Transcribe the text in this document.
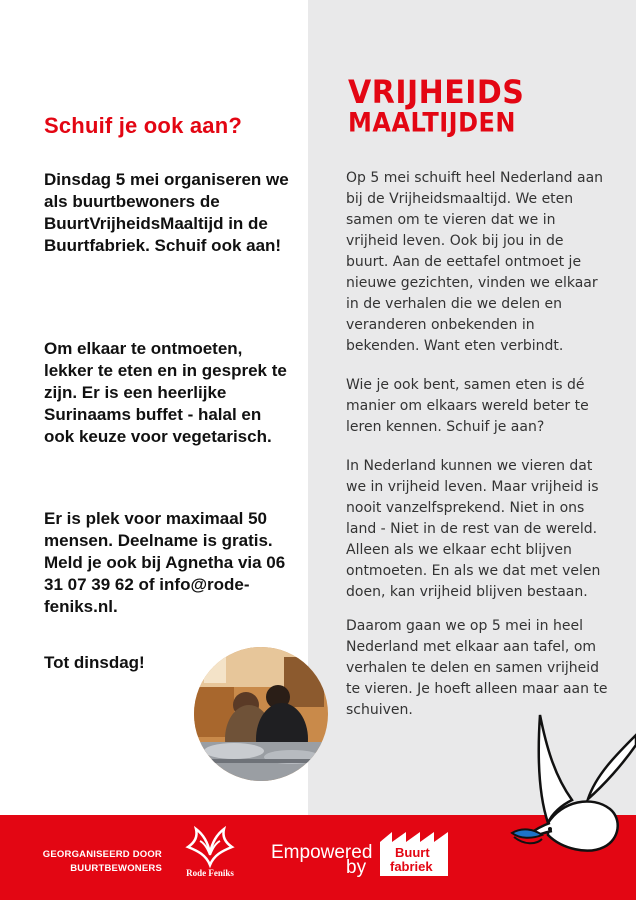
Schuif je ook aan?
Dinsdag 5 mei organiseren we als buurtbewoners de BuurtVrijheidsMaaltijd in de Buurtfabriek. Schuif ook aan!
Om elkaar te ontmoeten, lekker te eten en in gesprek te zijn. Er is een heerlijke Surinaams buffet - halal en ook keuze voor vegetarisch.
Er is plek voor maximaal 50 mensen. Deelname is gratis. Meld je ook bij Agnetha via 06 31 07 39 62 of info@rode-feniks.nl.
Tot dinsdag!
VRIJHEIDS
MAALTIJDEN
Op 5 mei schuift heel Nederland aan bij de Vrijheidsmaaltijd. We eten samen om te vieren dat we in vrijheid leven. Ook bij jou in de buurt. Aan de eettafel ontmoet je nieuwe gezichten, vinden we elkaar in de verhalen die we delen en veranderen onbekenden in bekenden. Want eten verbindt.
Wie je ook bent, samen eten is dé manier om elkaars wereld beter te leren kennen. Schuif je aan?
In Nederland kunnen we vieren dat we in vrijheid leven. Maar vrijheid is nooit vanzelfsprekend. Niet in ons land - Niet in de rest van de wereld. Alleen als we elkaar echt blijven ontmoeten. En als we dat met velen doen, kan vrijheid blijven bestaan.
Daarom gaan we op 5 mei in heel Nederland met elkaar aan tafel, om verhalen te delen en samen vrijheid te vieren. Je hoeft alleen maar aan te schuiven.
GEORGANISEERD DOOR
BUURTBEWONERS	Rode Feniks
Empowered
by
Buurt
fabriek
